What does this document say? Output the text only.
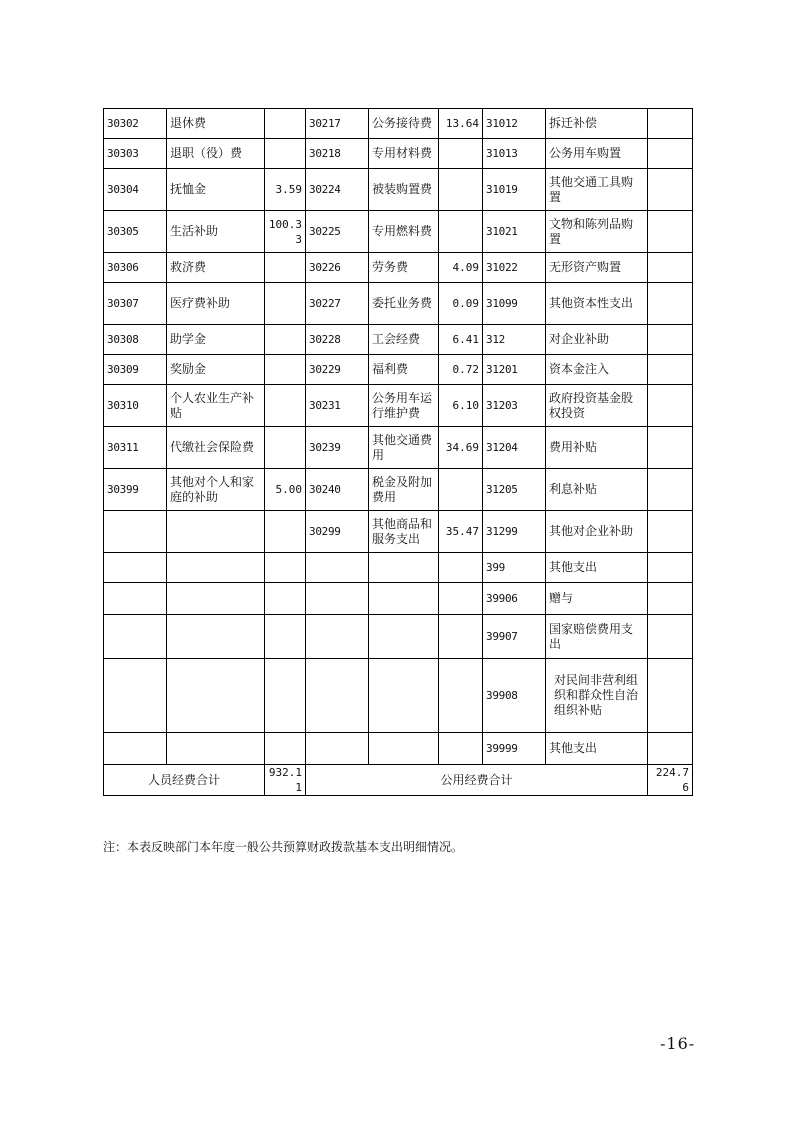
30302	退休费		30217	公务接待费	13.64	31012	拆迁补偿	
30303	退职（役）费		30218	专用材料费		31013	公务用车购置	
30304	抚恤金	3.59	30224	被装购置费		31019	其他交通工具购置	
30305	生活补助	100.33	30225	专用燃料费		31021	文物和陈列品购置	
30306	救济费		30226	劳务费	4.09	31022	无形资产购置	
30307	医疗费补助		30227	委托业务费	0.09	31099	其他资本性支出	
30308	助学金		30228	工会经费	6.41	312	对企业补助	
30309	奖励金		30229	福利费	0.72	31201	资本金注入	
30310	个人农业生产补贴		30231	公务用车运行维护费	6.10	31203	政府投资基金股权投资	
30311	代缴社会保险费		30239	其他交通费用	34.69	31204	费用补贴	
30399	其他对个人和家庭的补助	5.00	30240	税金及附加费用		31205	利息补贴	
			30299	其他商品和服务支出	35.47	31299	其他对企业补助	
						399	其他支出	
						39906	赠与	
						39907	国家赔偿费用支出	
						39908	对民间非营利组织和群众性自治组织补贴	
						39999	其他支出	
人员经费合计		932.11	公用经费合计					224.76
注：本表反映部门本年度一般公共预算财政拨款基本支出明细情况。
-16-
